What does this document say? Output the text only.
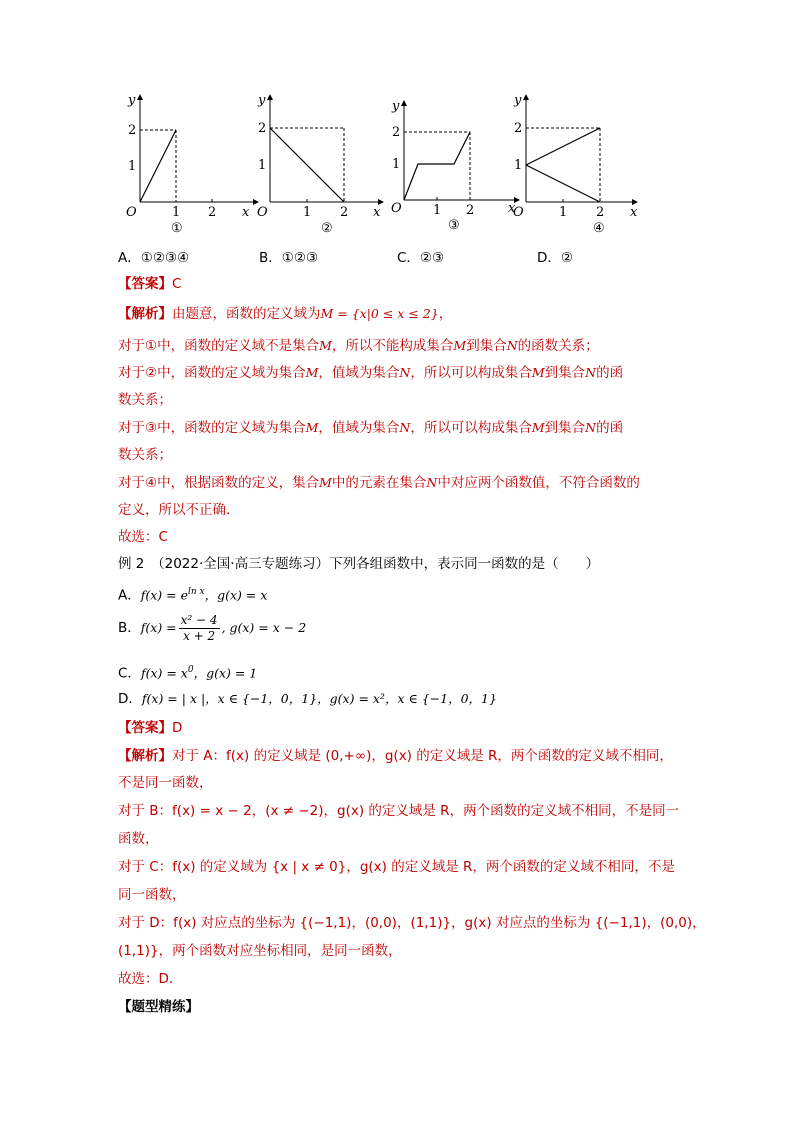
y
x
O	1 2
1
2
①
y
x
O	1 2
1
2
②
y
x
O 1 2
1
2
③
y
x
O	1 2
1
2
④
A．①②③④	B．①②③	C．②③	D．②
【答案】C
【解析】由题意，函数的定义域为M = {x|0 ≤ x ≤ 2}，
对于①中，函数的定义域不是集合M，所以不能构成集合M到集合N的函数关系；
对于②中，函数的定义域为集合M，值域为集合N，所以可以构成集合M到集合N的函
数关系；
对于③中，函数的定义域为集合M，值域为集合N，所以可以构成集合M到集合N的函
数关系；
对于④中，根据函数的定义，集合M中的元素在集合N中对应两个函数值，不符合函数的
定义，所以不正确.
故选：C
例 2　（2022·全国·高三专题练习）下列各组函数中，表示同一函数的是（　　）
A．$f(x) = e^{ln x}$，g(x) = x
B．$f(x) = \frac{\text{x² − 4}}{x + 2}$ , g(x) = x − 2
C．$f(x) = x^0$，g(x) = 1
D．f(x) = | x |，x ∈ {−1，0，1}，g(x) = x²，x ∈ {−1，0，1}
【答案】D
【解析】对于 A：f(x) 的定义域是 (0,+∞)，g(x) 的定义域是 R，两个函数的定义域不相同，
不是同一函数，
对于 B：f(x) = x − 2，(x ≠ −2)，g(x) 的定义域是 R，两个函数的定义域不相同，不是同一
函数，
对于 C：f(x) 的定义域为 {x | x ≠ 0}，g(x) 的定义域是 R，两个函数的定义域不相同，不是
同一函数，
对于 D：f(x) 对应点的坐标为 {(−1,1)，(0,0)，(1,1)}，g(x) 对应点的坐标为 {(−1,1)，(0,0)，
(1,1)}，两个函数对应坐标相同，是同一函数，
故选：D．
【题型精练】
